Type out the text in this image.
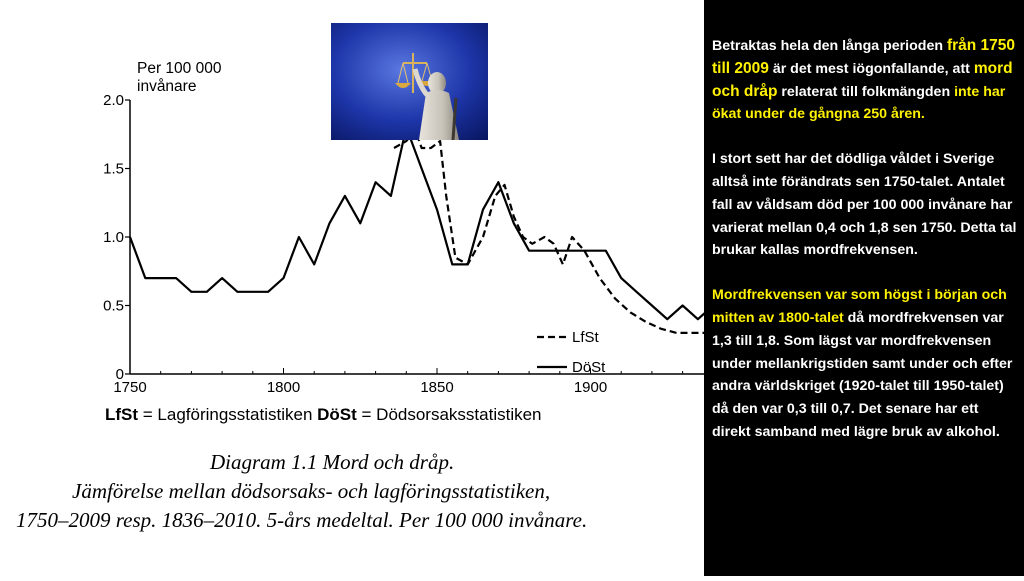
Per 100 000
invånare
0
0.5
1.0
1.5
2.0
1750	1800	1850	1900
LfSt
DöSt
LfSt = Lagföringsstatistiken DöSt = Dödsorsaksstatistiken
Diagram 1.1 Mord och dråp.
Jämförelse mellan dödsorsaks- och lagföringsstatistiken,
1750–2009 resp. 1836–2010. 5-års medeltal. Per 100 000 invånare.

Betraktas hela den långa perioden från 1750 till 2009 är det mest iögonfallande, att mord och dråp relaterat till folkmängden inte har ökat under de gångna 250 åren.

I stort sett har det dödliga våldet i Sverige alltså inte förändrats sen 1750-talet. Antalet fall av våldsam död per 100 000 invånare har varierat mellan 0,4 och 1,8 sen 1750. Detta tal brukar kallas mordfrekvensen.

Mordfrekvensen var som högst i början och mitten av 1800-talet då mordfrekvensen var 1,3 till 1,8. Som lägst var mordfrekvensen under mellankrigstiden samt under och efter andra världskriget (1920-talet till 1950-talet) då den var 0,3 till 0,7. Det senare har ett direkt samband med lägre bruk av alkohol.
